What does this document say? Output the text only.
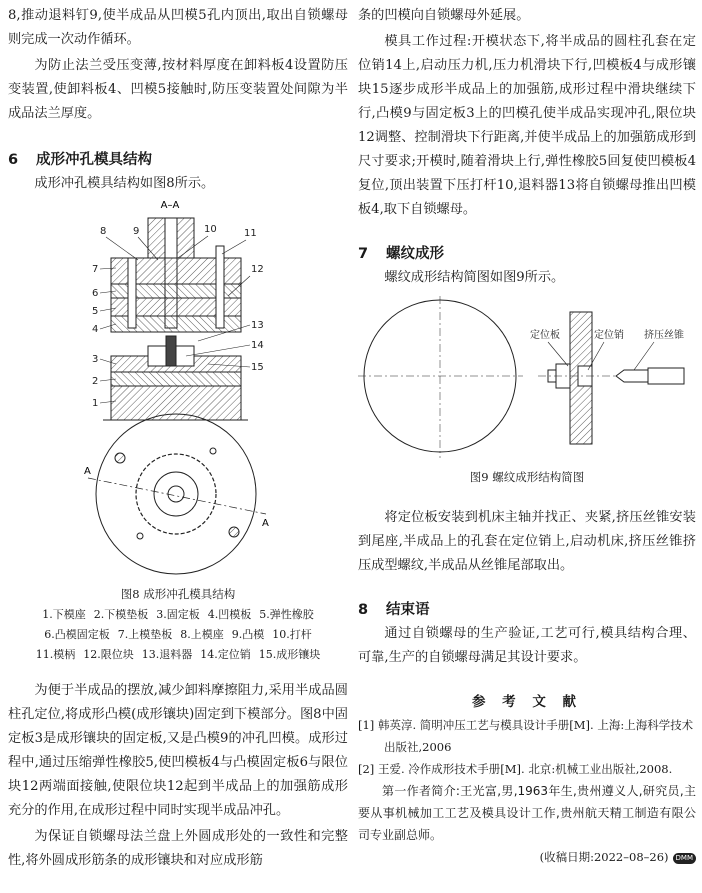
8,推动退料钉9,使半成品从凹模5孔内顶出,取出自锁螺母则完成一次动作循环。

为防止法兰受压变薄,按材料厚度在卸料板4设置防压变装置,使卸料板4、凹模5接触时,防压变装置处间隙为半成品法兰厚度。

6 成形冲孔模具结构

成形冲孔模具结构如图8所示。

A–A
8	9	10	11
12
7
6
5
4
3
2
1
13
14
15
A
A

图8 成形冲孔模具结构

1.下模座 2.下模垫板 3.固定板 4.凹模板 5.弹性橡胶

6.凸模固定板 7.上模垫板 8.上模座 9.凸模 10.打杆

11.模柄 12.限位块 13.退料器 14.定位销 15.成形镶块

为便于半成品的摆放,减少卸料摩擦阻力,采用半成品圆柱孔定位,将成形凸模(成形镶块)固定到下模部分。图8中固定板3是成形镶块的固定板,又是凸模9的冲孔凹模。成形过程中,通过压缩弹性橡胶5,使凹模板4与凸模固定板6与限位块12两端面接触,使限位块12起到半成品上的加强筋成形充分的作用,在成形过程中同时实现半成品冲孔。

为保证自锁螺母法兰盘上外圆成形处的一致性和完整性,将外圆成形筋条的成形镶块和对应成形筋

条的凹模向自锁螺母外延展。

模具工作过程:开模状态下,将半成品的圆柱孔套在定位销14上,启动压力机,压力机滑块下行,凹模板4与成形镶块15逐步成形半成品上的加强筋,成形过程中滑块继续下行,凸模9与固定板3上的凹模孔使半成品实现冲孔,限位块12调整、控制滑块下行距离,并使半成品上的加强筋成形到尺寸要求;开模时,随着滑块上行,弹性橡胶5回复使凹模板4复位,顶出装置下压打杆10,退料器13将自锁螺母推出凹模板4,取下自锁螺母。

7 螺纹成形

螺纹成形结构简图如图9所示。

定位板	定位销 挤压丝锥

图9 螺纹成形结构简图

将定位板安装到机床主轴并找正、夹紧,挤压丝锥安装到尾座,半成品上的孔套在定位销上,启动机床,挤压丝锥挤压成型螺纹,半成品从丝锥尾部取出。

8 结束语

通过自锁螺母的生产验证,工艺可行,模具结构合理、可靠,生产的自锁螺母满足其设计要求。

参 考 文 献

[1] 韩英淳. 简明冲压工艺与模具设计手册[M]. 上海:上海科学技术出版社,2006

[2] 王爱. 冷作成形技术手册[M]. 北京:机械工业出版社,2008.

第一作者简介:王光富,男,1963年生,贵州遵义人,研究员,主要从事机械加工工艺及模具设计工作,贵州航天精工制造有限公司专业副总师。

(收稿日期:2022–08–26) DMM
